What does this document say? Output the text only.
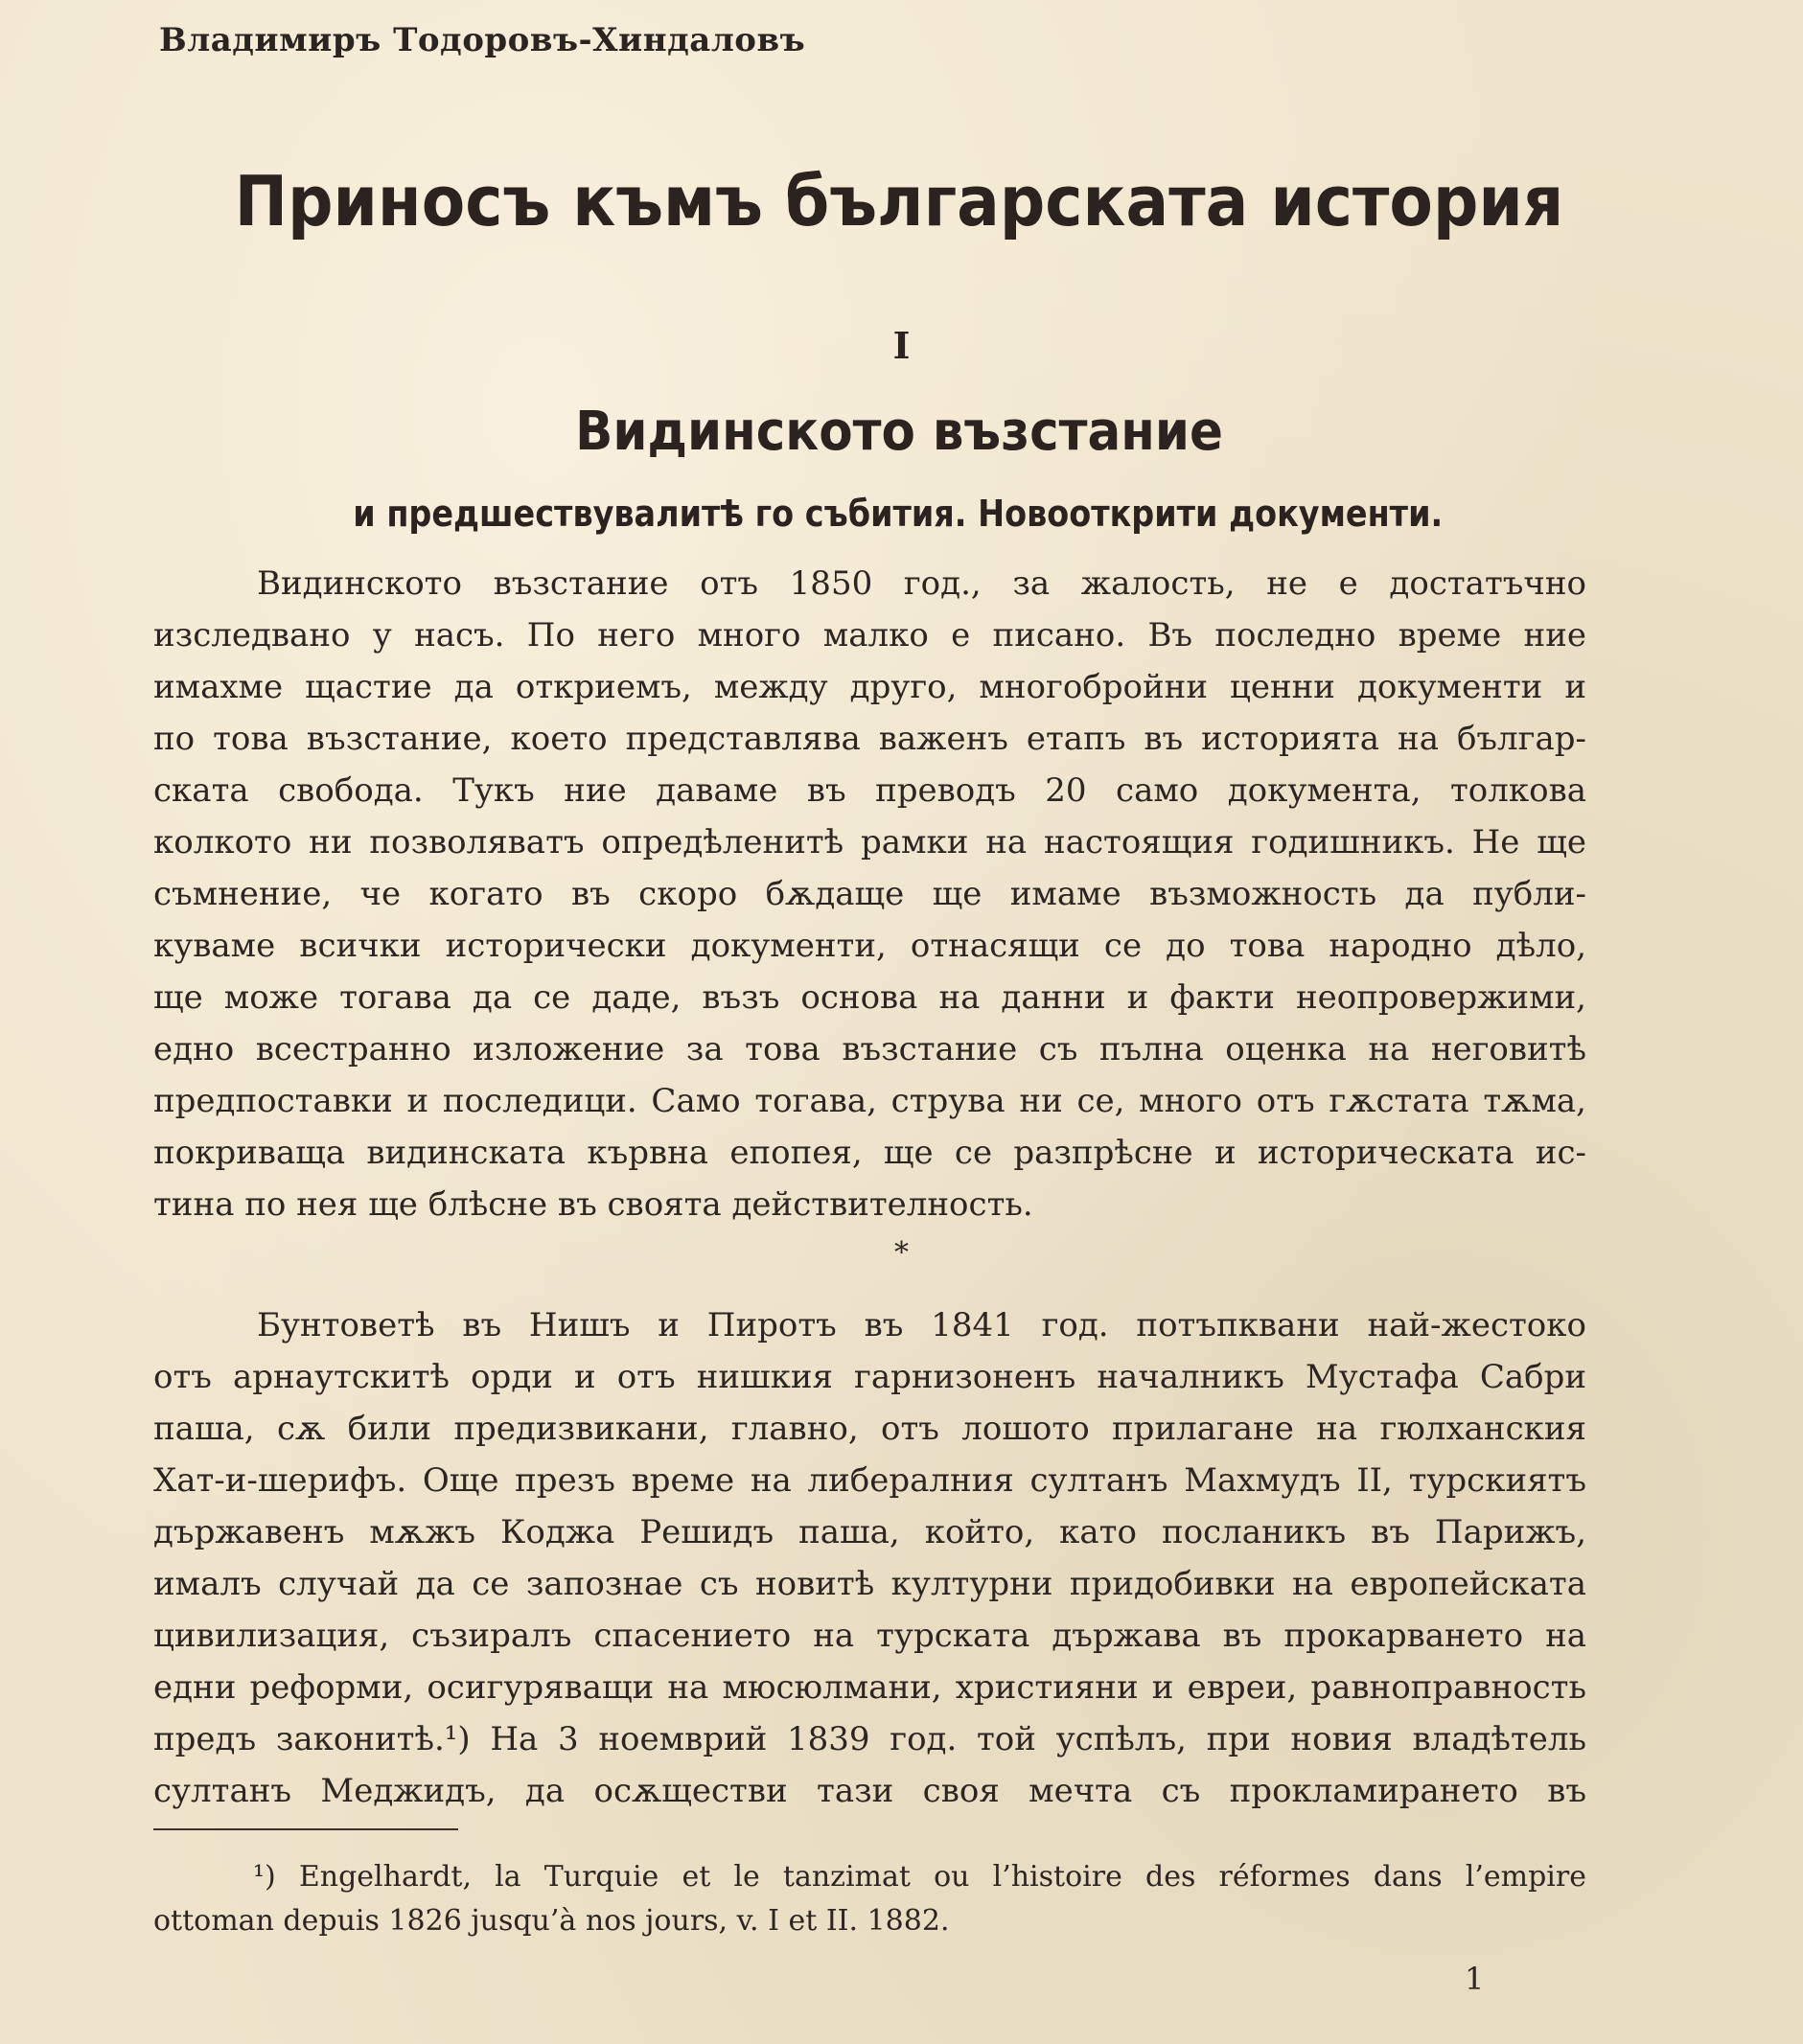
Владимиръ Тодоровъ-Хиндаловъ
Приносъ къмъ българската история
I
Видинското възстание
и предшествувалитѣ го събития. Новооткрити документи.
Видинското възстание отъ 1850 год., за жалость, не е достатъчно
изследвано у насъ. По него много малко е писано. Въ последно време ние
имахме щастие да откриемъ, между друго, многобройни ценни документи и
по това възстание, което представлява важенъ етапъ въ историята на българ-
ската свобода. Тукъ ние даваме въ преводъ 20 само документа, толкова
колкото ни позволяватъ опредѣленитѣ рамки на настоящия годишникъ. Не ще
съмнение, че когато въ скоро бѫдаще ще имаме възможность да публи-
куваме всички исторически документи, отнасящи се до това народно дѣло,
ще може тогава да се даде, възъ основа на данни и факти неопровержими,
едно всестранно изложение за това възстание съ пълна оценка на неговитѣ
предпоставки и последици. Само тогава, струва ни се, много отъ гѫстата тѫма,
покриваща видинската кървна епопея, ще се разпрѣсне и историческата ис-
тина по нея ще блѣсне въ своята действителность.
*
Бунтоветѣ въ Нишъ и Пиротъ въ 1841 год. потъпквани най-жестоко
отъ арнаутскитѣ орди и отъ нишкия гарнизоненъ началникъ Мустафа Сабри
паша, сѫ били предизвикани, главно, отъ лошото прилагане на гюлханския
Хат-и-шерифъ. Още презъ време на либералния султанъ Махмудъ II, турскиятъ
държавенъ мѫжъ Коджа Решидъ паша, който, като посланикъ въ Парижъ,
ималъ случай да се запознае съ новитѣ културни придобивки на европейската
цивилизация, съзиралъ спасението на турската държава въ прокарването на
едни реформи, осигуряващи на мюсюлмани, християни и евреи, равноправность
предъ законитѣ.¹) На 3 ноемврий 1839 год. той успѣлъ, при новия владѣтель
султанъ Меджидъ, да осѫществи тази своя мечта съ прокламирането въ
¹) Engelhardt, la Turquie et le tanzimat ou l’histoire des réformes dans l’empire
ottoman depuis 1826 jusqu’à nos jours, v. I et II. 1882.
1
